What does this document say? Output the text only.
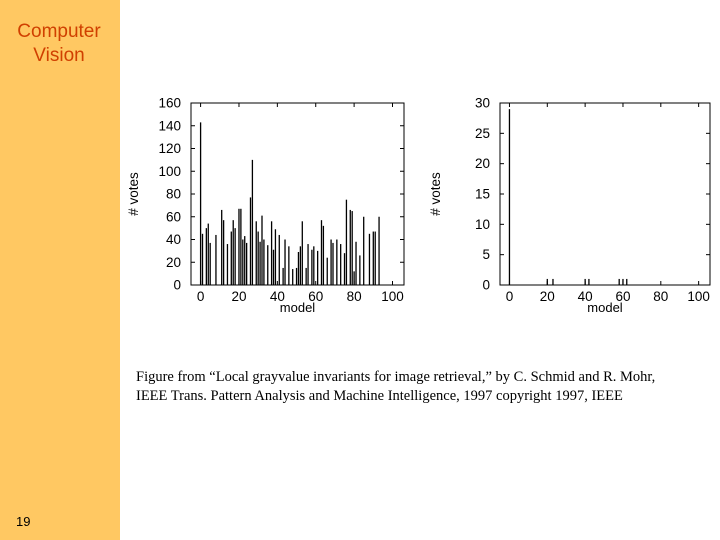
Computer
Vision
19
0
20
40
60
80
100
120
140
160
0 20 40 60 80 100
model
# votes
0
5
10
15
20
25
30
0 20 40 60 80 100
model
# votes
Figure from “Local grayvalue invariants for image retrieval,” by C. Schmid and R. Mohr,
IEEE Trans. Pattern Analysis and Machine Intelligence, 1997 copyright 1997, IEEE
